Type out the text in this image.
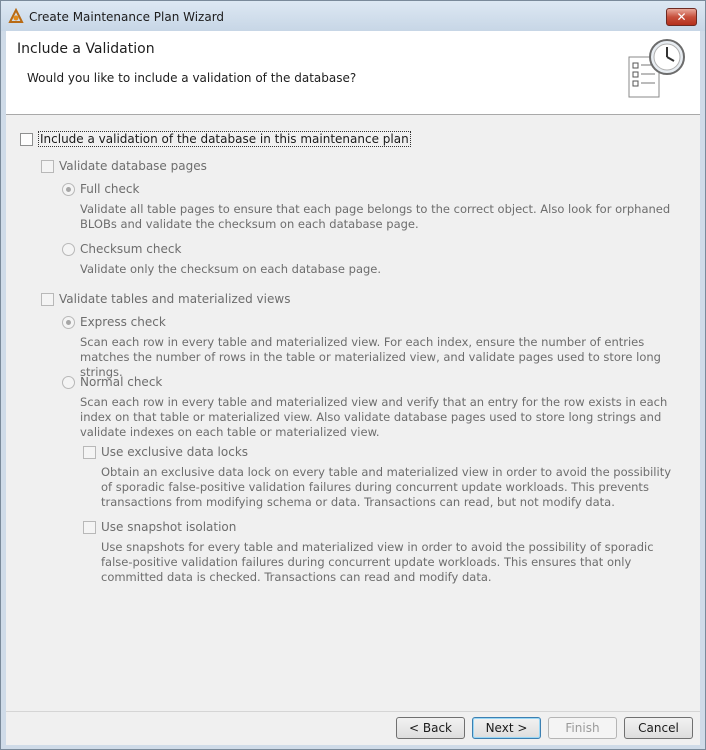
Create Maintenance Plan Wizard	✕
Include a Validation
Would you like to include a validation of the database?
Include a validation of the database in this maintenance plan
Validate database pages
Full check
Validate all table pages to ensure that each page belongs to the correct object. Also look for orphaned BLOBs and validate the checksum on each database page.
Checksum check
Validate only the checksum on each database page.
Validate tables and materialized views
Express check
Scan each row in every table and materialized view. For each index, ensure the number of entries matches the number of rows in the table or materialized view, and validate pages used to store long strings.
Normal check
Scan each row in every table and materialized view and verify that an entry for the row exists in each index on that table or materialized view. Also validate database pages used to store long strings and validate indexes on each table or materialized view.
Use exclusive data locks
Obtain an exclusive data lock on every table and materialized view in order to avoid the possibility of sporadic false-positive validation failures during concurrent update workloads. This prevents transactions from modifying schema or data. Transactions can read, but not modify data.
Use snapshot isolation
Use snapshots for every table and materialized view in order to avoid the possibility of sporadic false-positive validation failures during concurrent update workloads. This ensures that only committed data is checked. Transactions can read and modify data.
< Back	Next >	Finish	Cancel
